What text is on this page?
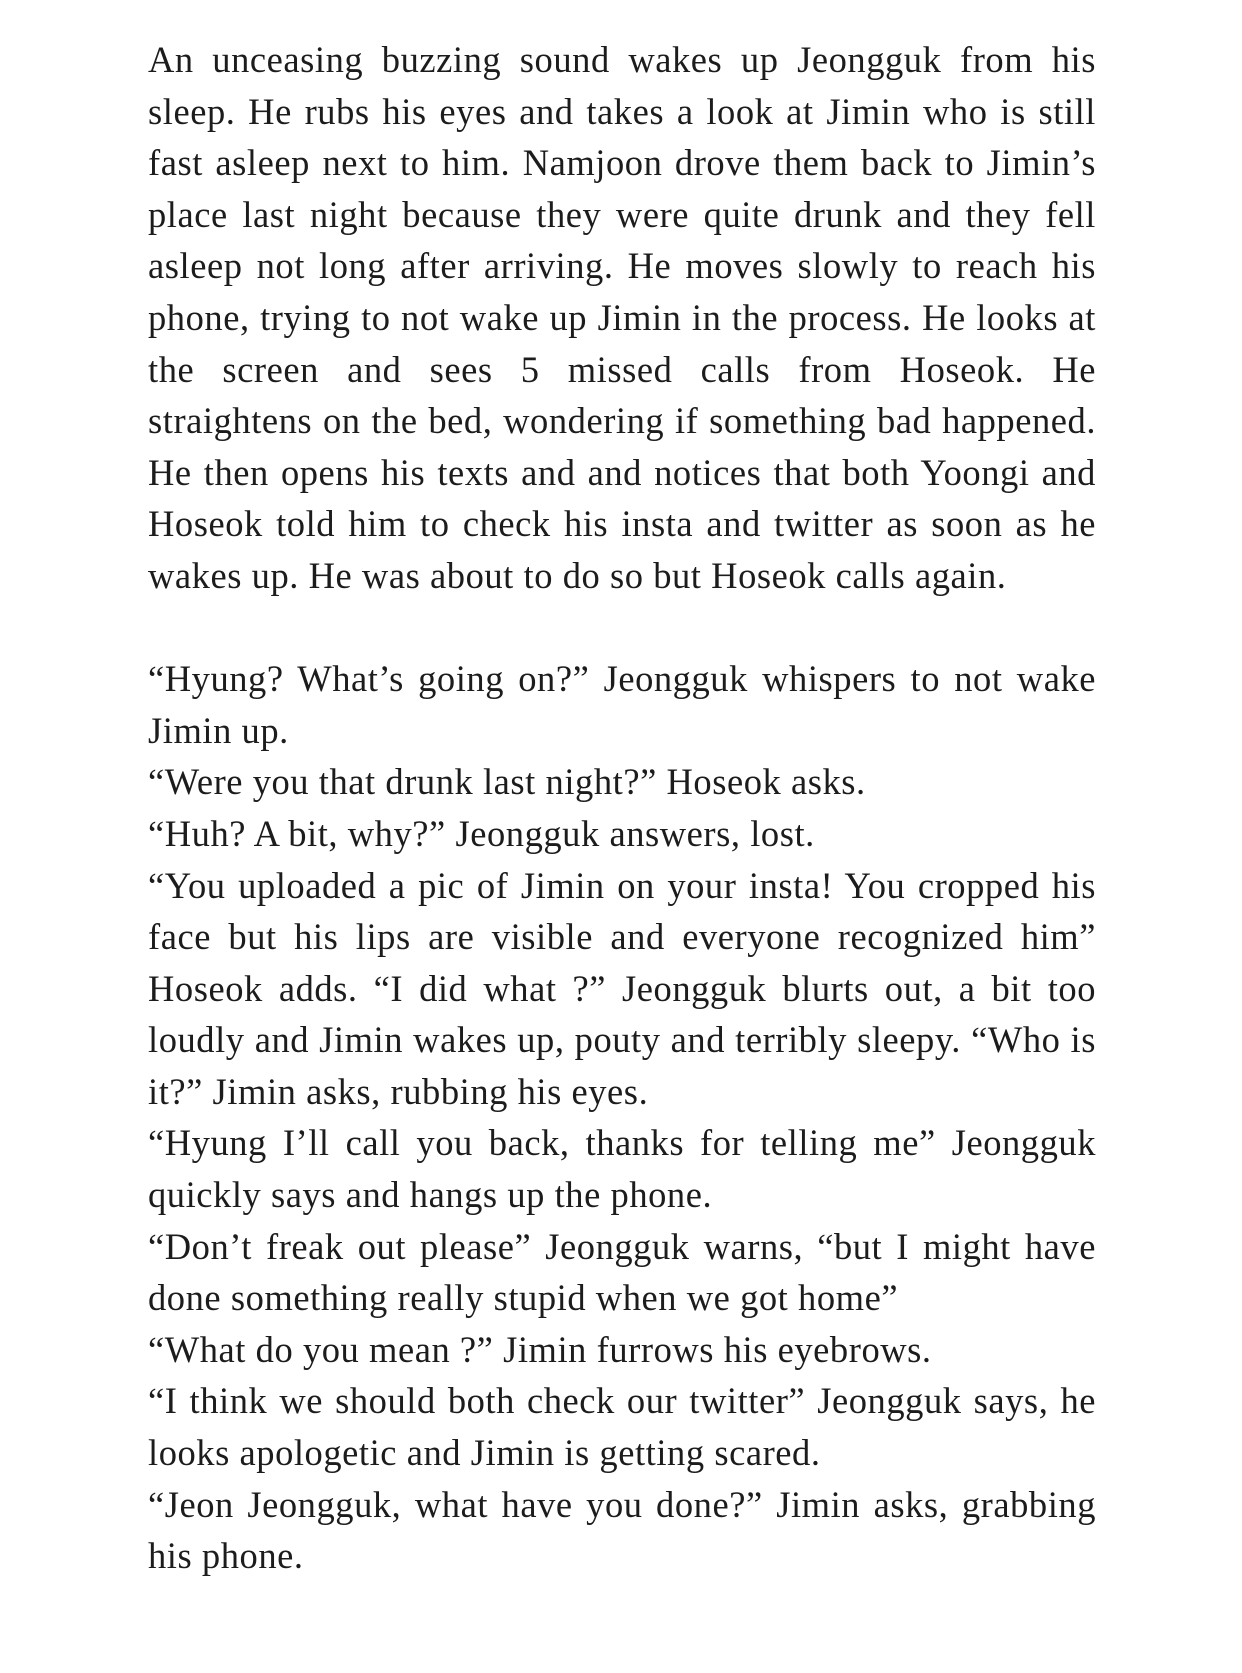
An unceasing buzzing sound wakes up Jeongguk from his sleep. He rubs his eyes and takes a look at Jimin who is still fast asleep next to him. Namjoon drove them back to Jimin’s place last night because they were quite drunk and they fell asleep not long after arriving. He moves slowly to reach his phone, trying to not wake up Jimin in the process. He looks at the screen and sees 5 missed calls from Hoseok. He straightens on the bed, wondering if something bad happened. He then opens his texts and and notices that both Yoongi and Hoseok told him to check his insta and twitter as soon as he wakes up. He was about to do so but Hoseok calls again.

“Hyung? What’s going on?” Jeongguk whispers to not wake Jimin up.

“Were you that drunk last night?” Hoseok asks.

“Huh? A bit, why?” Jeongguk answers, lost.

“You uploaded a pic of Jimin on your insta! You cropped his face but his lips are visible and everyone recognized him” Hoseok adds. “I did what ?” Jeongguk blurts out, a bit too loudly and Jimin wakes up, pouty and terribly sleepy. “Who is it?” Jimin asks, rubbing his eyes.

“Hyung I’ll call you back, thanks for telling me” Jeongguk quickly says and hangs up the phone.

“Don’t freak out please” Jeongguk warns, “but I might have done something really stupid when we got home”

“What do you mean ?” Jimin furrows his eyebrows.

“I think we should both check our twitter” Jeongguk says, he looks apologetic and Jimin is getting scared.

“Jeon Jeongguk, what have you done?” Jimin asks, grabbing his phone.
